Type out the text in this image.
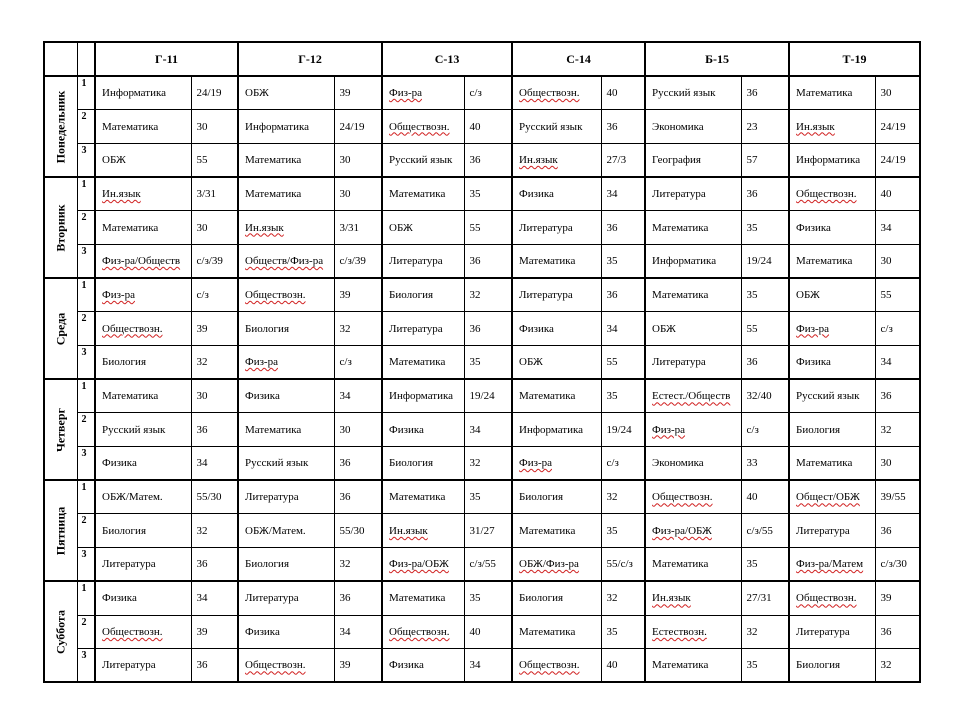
		Г-11		Г-12		С-13		С-14		Б-15		Т-19	

Понедельник	1	Информатика	24/19	ОБЖ	39	Физ-ра	с/з	Обществозн.	40	Русский язык	36	Математика	30
	2	Математика	30	Информатика	24/19	Обществозн.	40	Русский язык	36	Экономика	23	Ин.язык	24/19
	3	ОБЖ	55	Математика	30	Русский язык	36	Ин.язык	27/3	География	57	Информатика	24/19

Вторник	1	Ин.язык	3/31	Математика	30	Математика	35	Физика	34	Литература	36	Обществозн.	40
	2	Математика	30	Ин.язык	3/31	ОБЖ	55	Литература	36	Математика	35	Физика	34
	3	Физ-ра/Обществ	с/з/39	Обществ/Физ-ра	с/з/39	Литература	36	Математика	35	Информатика	19/24	Математика	30

Среда	1	Физ-ра	с/з	Обществозн.	39	Биология	32	Литература	36	Математика	35	ОБЖ	55
	2	Обществозн.	39	Биология	32	Литература	36	Физика	34	ОБЖ	55	Физ-ра	с/з
	3	Биология	32	Физ-ра	с/з	Математика	35	ОБЖ	55	Литература	36	Физика	34

Четверг	1	Математика	30	Физика	34	Информатика	19/24	Математика	35	Естест./Обществ	32/40	Русский язык	36
	2	Русский язык	36	Математика	30	Физика	34	Информатика	19/24	Физ-ра	с/з	Биология	32
	3	Физика	34	Русский язык	36	Биология	32	Физ-ра	с/з	Экономика	33	Математика	30

Пятница	1	ОБЖ/Матем.	55/30	Литература	36	Математика	35	Биология	32	Обществозн.	40	Общест/ОБЖ	39/55
	2	Биология	32	ОБЖ/Матем.	55/30	Ин.язык	31/27	Математика	35	Физ-ра/ОБЖ	с/з/55	Литература	36
	3	Литература	36	Биология	32	Физ-ра/ОБЖ	с/з/55	ОБЖ/Физ-ра	55/с/з	Математика	35	Физ-ра/Матем	с/з/30

Суббота	1	Физика	34	Литература	36	Математика	35	Биология	32	Ин.язык	27/31	Обществозн.	39
	2	Обществозн.	39	Физика	34	Обществозн.	40	Математика	35	Естествозн.	32	Литература	36
	3	Литература	36	Обществозн.	39	Физика	34	Обществозн.	40	Математика	35	Биология	32
